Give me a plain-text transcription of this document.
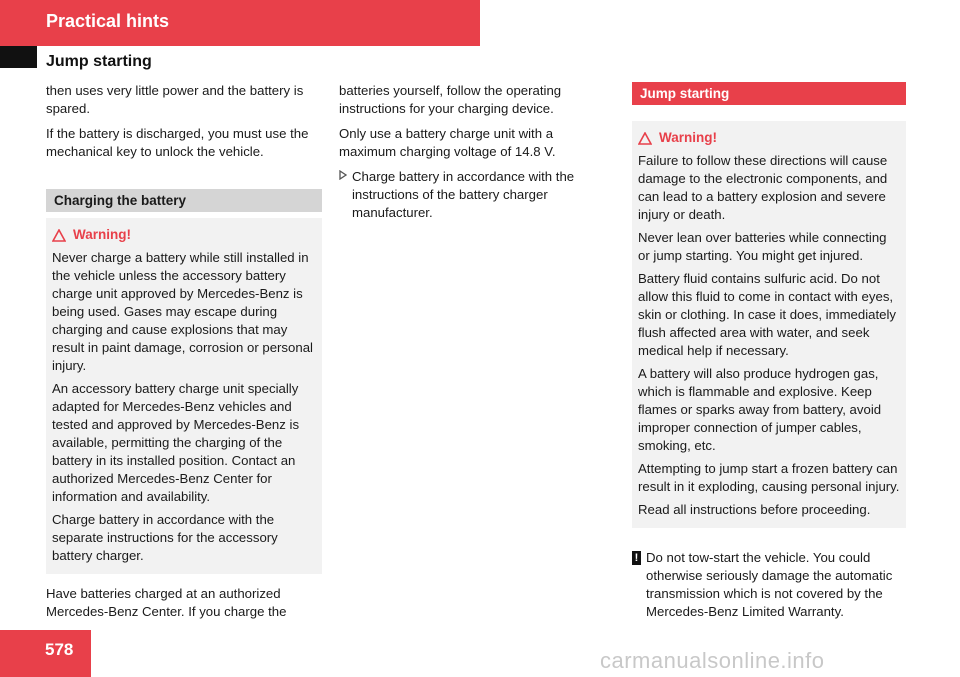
Practical hints
Jump starting

then uses very little power and the battery is spared.

If the battery is discharged, you must use the mechanical key to unlock the vehicle.

Charging the battery
Warning!

Never charge a battery while still installed in the vehicle unless the accessory battery charge unit approved by Mercedes-Benz is being used. Gases may escape during charging and cause explosions that may result in paint damage, corrosion or personal injury.

An accessory battery charge unit specially adapted for Mercedes-Benz vehicles and tested and approved by Mercedes-Benz is available, permitting the charging of the battery in its installed position. Contact an authorized Mercedes-Benz Center for information and availability.

Charge battery in accordance with the separate instructions for the accessory battery charger.

Have batteries charged at an authorized Mercedes-Benz Center. If you charge the

batteries yourself, follow the operating instructions for your charging device.

Only use a battery charge unit with a maximum charging voltage of 14.8 V.

Charge battery in accordance with the instructions of the battery charger manufacturer.
Jump starting
Warning!

Failure to follow these directions will cause damage to the electronic components, and can lead to a battery explosion and severe injury or death.

Never lean over batteries while connecting or jump starting. You might get injured.

Battery fluid contains sulfuric acid. Do not allow this fluid to come in contact with eyes, skin or clothing. In case it does, immediately flush affected area with water, and seek medical help if necessary.

A battery will also produce hydrogen gas, which is flammable and explosive. Keep flames or sparks away from battery, avoid improper connection of jumper cables, smoking, etc.

Attempting to jump start a frozen battery can result in it exploding, causing personal injury.

Read all instructions before proceeding.

! Do not tow-start the vehicle. You could otherwise seriously damage the automatic transmission which is not covered by the Mercedes-Benz Limited Warranty.
578	carmanualsonline.info
